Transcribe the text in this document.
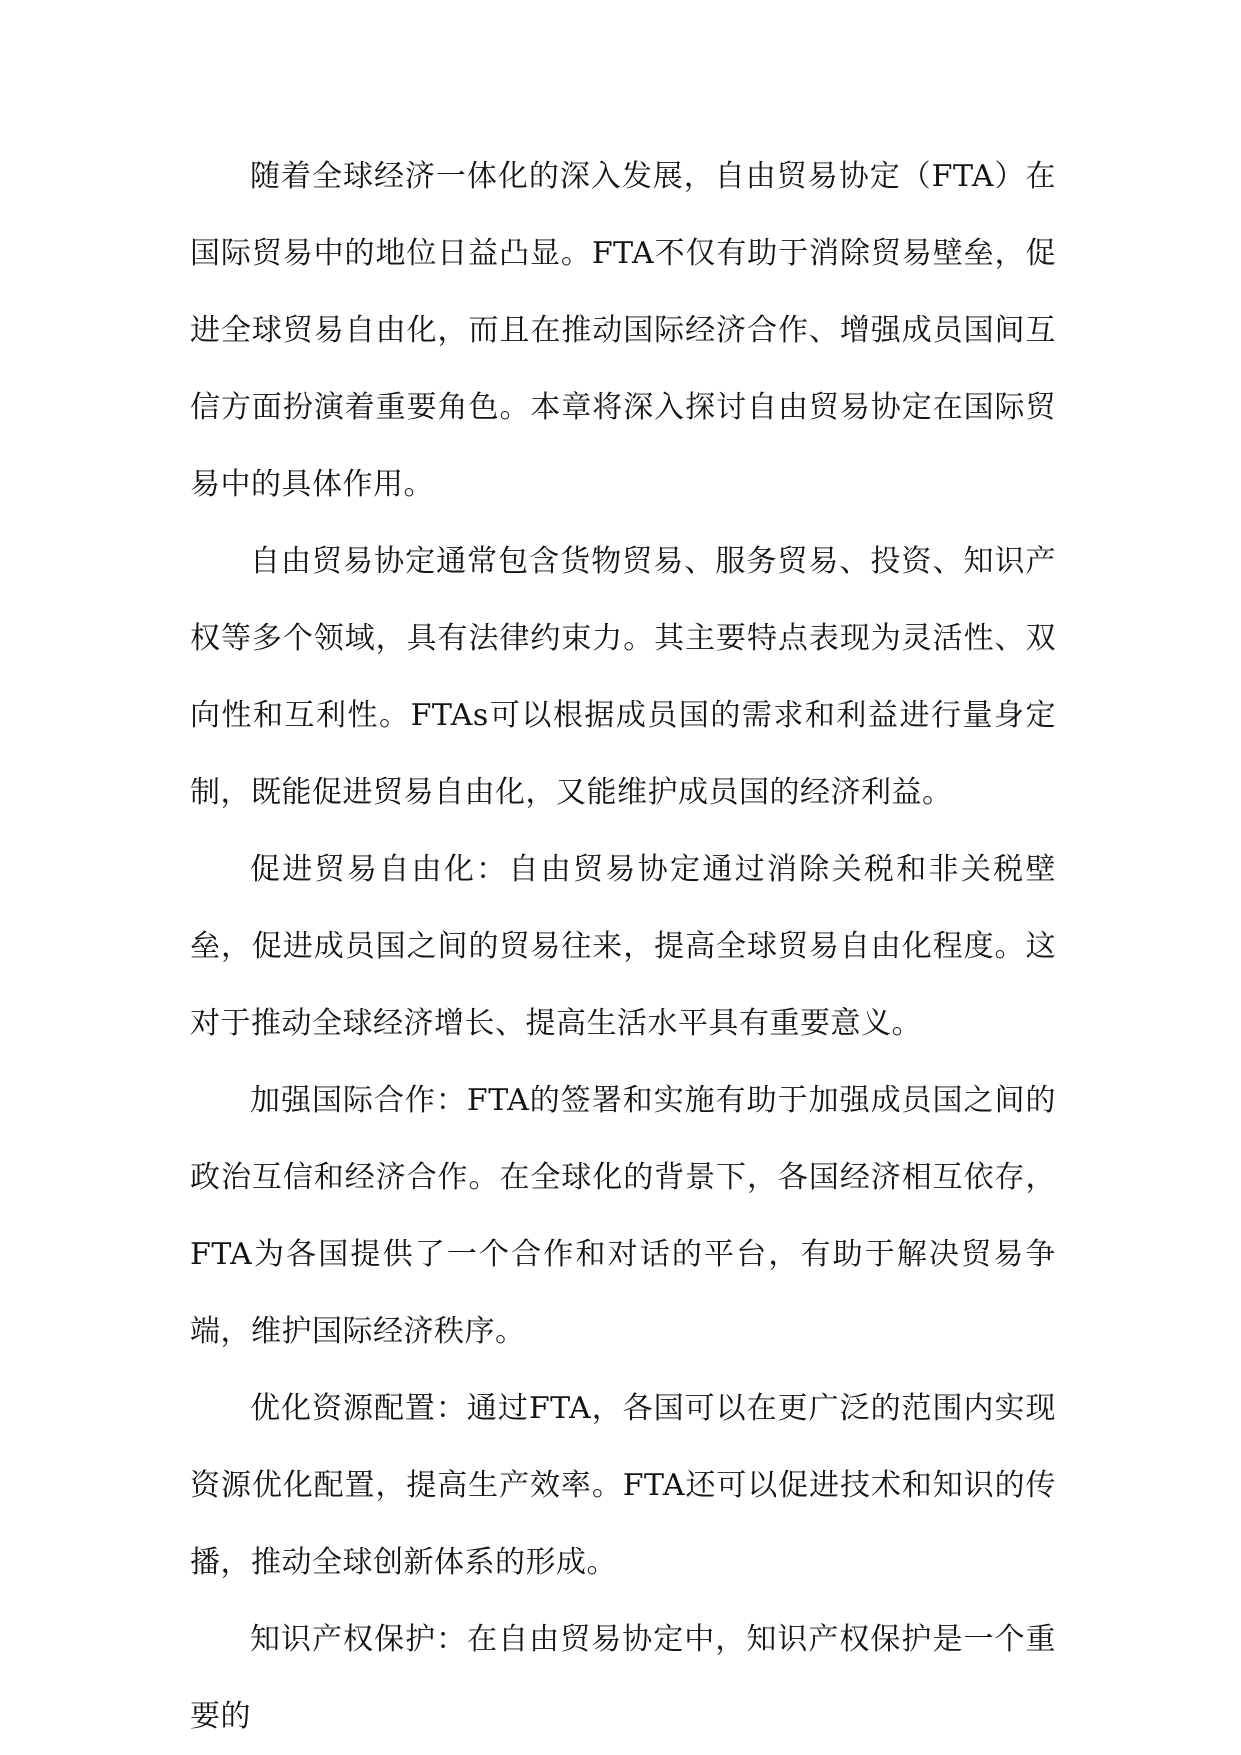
随着全球经济一体化的深入发展，自由贸易协定（FTA）在国际贸易中的地位日益凸显。FTA不仅有助于消除贸易壁垒，促进全球贸易自由化，而且在推动国际经济合作、增强成员国间互信方面扮演着重要角色。本章将深入探讨自由贸易协定在国际贸易中的具体作用。

自由贸易协定通常包含货物贸易、服务贸易、投资、知识产权等多个领域，具有法律约束力。其主要特点表现为灵活性、双向性和互利性。FTAs可以根据成员国的需求和利益进行量身定制，既能促进贸易自由化，又能维护成员国的经济利益。

促进贸易自由化：自由贸易协定通过消除关税和非关税壁垒，促进成员国之间的贸易往来，提高全球贸易自由化程度。这对于推动全球经济增长、提高生活水平具有重要意义。

加强国际合作：FTA的签署和实施有助于加强成员国之间的政治互信和经济合作。在全球化的背景下，各国经济相互依存，FTA为各国提供了一个合作和对话的平台，有助于解决贸易争端，维护国际经济秩序。

优化资源配置：通过FTA，各国可以在更广泛的范围内实现资源优化配置，提高生产效率。FTA还可以促进技术和知识的传播，推动全球创新体系的形成。

知识产权保护：在自由贸易协定中，知识产权保护是一个重要的
